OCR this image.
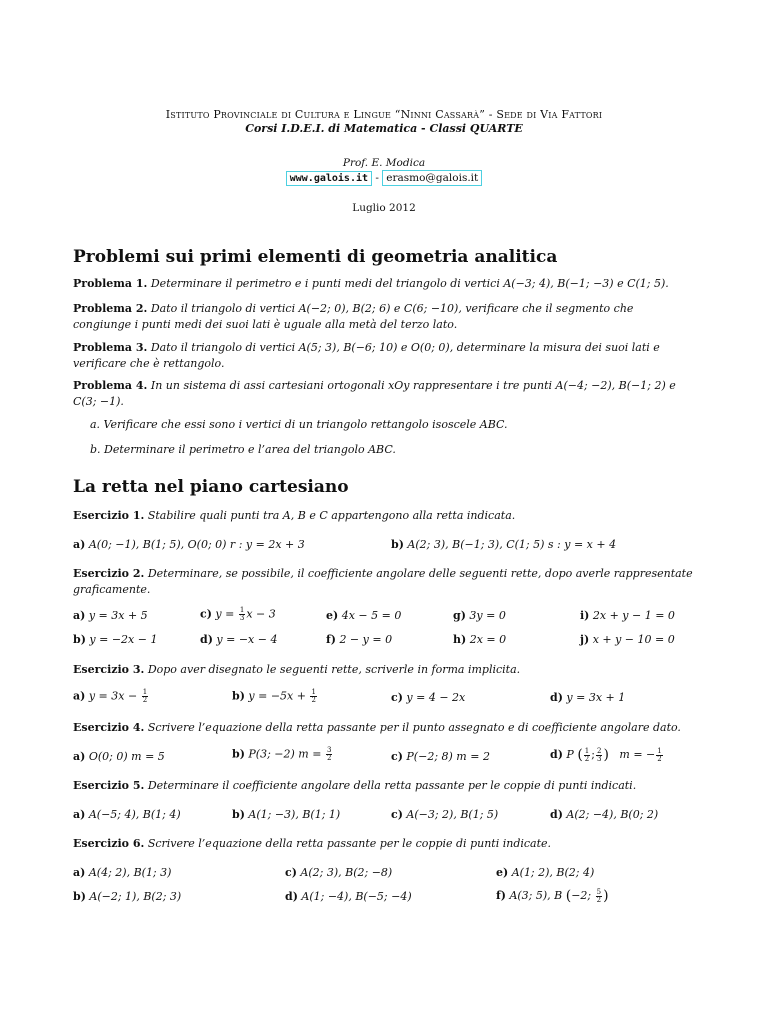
Istituto Provinciale di Cultura e Lingue “Ninni Cassarà” - Sede di Via Fattori
Corsi I.D.E.I. di Matematica - Classi QUARTE
Prof. E. Modica
www.galois.it - erasmo@galois.it
Luglio 2012
Problemi sui primi elementi di geometria analitica
Problema 1. Determinare il perimetro e i punti medi del triangolo di vertici A(−3; 4), B(−1; −3) e C(1; 5).
Problema 2. Dato il triangolo di vertici A(−2; 0), B(2; 6) e C(6; −10), verificare che il segmento che congiunge i punti medi dei suoi lati è uguale alla metà del terzo lato.
Problema 3. Dato il triangolo di vertici A(5; 3), B(−6; 10) e O(0; 0), determinare la misura dei suoi lati e verificare che è rettangolo.
Problema 4. In un sistema di assi cartesiani ortogonali xOy rappresentare i tre punti A(−4; −2), B(−1; 2) e C(3; −1).
a. Verificare che essi sono i vertici di un triangolo rettangolo isoscele ABC.
b. Determinare il perimetro e l’area del triangolo ABC.
La retta nel piano cartesiano
Esercizio 1. Stabilire quali punti tra A, B e C appartengono alla retta indicata.
a) A(0; −1), B(1; 5), O(0; 0) r : y = 2x + 3	b) A(2; 3), B(−1; 3), C(1; 5) s : y = x + 4
Esercizio 2. Determinare, se possibile, il coefficiente angolare delle seguenti rette, dopo averle rappresentate graficamente.
a) y = 3x + 5	c) $y = \frac{1}{3}$ x − 3	e) 4x − 5 = 0	g) 3y = 0	i) 2x + y − 1 = 0
b) y = −2x − 1	d) y = −x − 4	f) 2 − y = 0	h) 2x = 0	j) x + y − 10 = 0
Esercizio 3. Dopo aver disegnato le seguenti rette, scriverle in forma implicita.
a) $y = 3x - \frac{1}{2}$	b) $y = -5x + \frac{1}{2}$	c) y = 4 − 2x	d) y = 3x + 1
Esercizio 4. Scrivere l’equazione della retta passante per il punto assegnato e di coefficiente angolare dato.
a) O(0; 0) m = 5	b) P(3; −2) $m = \frac{3}{2}$	c) P(−2; 8) m = 2	d) P ( $\frac{1}{2}$ ; $\frac{2}{3}$ ) m = − $\frac{1}{2}$
Esercizio 5. Determinare il coefficiente angolare della retta passante per le coppie di punti indicati.
a) A(−5; 4), B(1; 4)	b) A(1; −3), B(1; 1)	c) A(−3; 2), B(1; 5)	d) A(2; −4), B(0; 2)
Esercizio 6. Scrivere l’equazione della retta passante per le coppie di punti indicate.
a) A(4; 2), B(1; 3)	c) A(2; 3), B(2; −8)	e) A(1; 2), B(2; 4)
b) A(−2; 1), B(2; 3)	d) A(1; −4), B(−5; −4)	f) A(3; 5), B (−2; $\frac{5}{2}$ )
